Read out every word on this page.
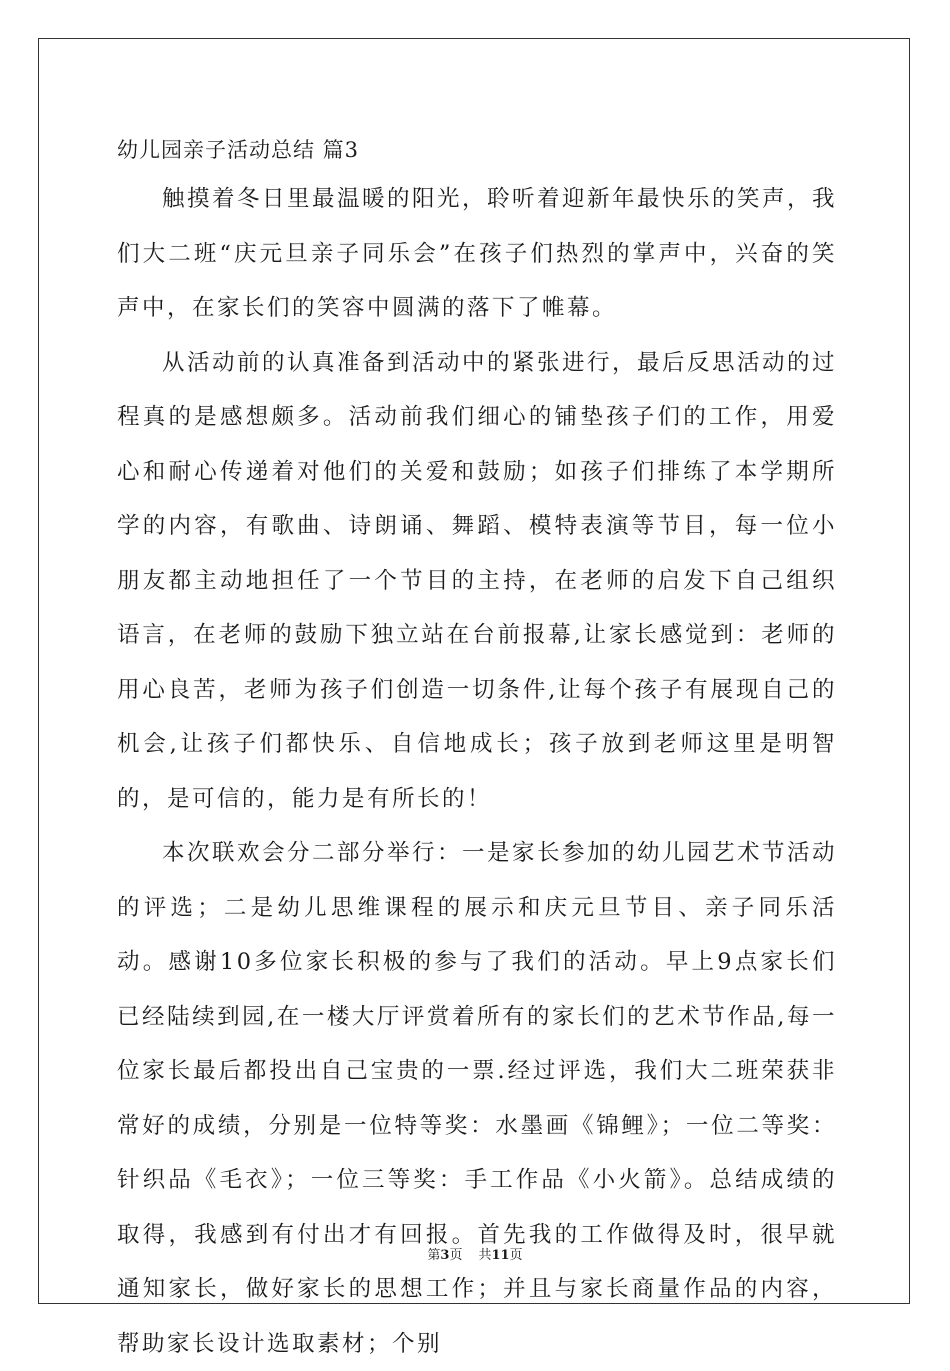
幼儿园亲子活动总结 篇3

触摸着冬日里最温暖的阳光，聆听着迎新年最快乐的笑声，我们大二班“庆元旦亲子同乐会”在孩子们热烈的掌声中，兴奋的笑声中，在家长们的笑容中圆满的落下了帷幕。

从活动前的认真准备到活动中的紧张进行，最后反思活动的过程真的是感想颇多。活动前我们细心的铺垫孩子们的工作，用爱心和耐心传递着对他们的关爱和鼓励；如孩子们排练了本学期所学的内容，有歌曲、诗朗诵、舞蹈、模特表演等节目，每一位小朋友都主动地担任了一个节目的主持，在老师的启发下自己组织语言，在老师的鼓励下独立站在台前报幕,让家长感觉到：老师的用心良苦，老师为孩子们创造一切条件,让每个孩子有展现自己的机会,让孩子们都快乐、自信地成长；孩子放到老师这里是明智的，是可信的，能力是有所长的！

本次联欢会分二部分举行：一是家长参加的幼儿园艺术节活动的评选；二是幼儿思维课程的展示和庆元旦节目、亲子同乐活动。感谢10多位家长积极的参与了我们的活动。早上9点家长们已经陆续到园,在一楼大厅评赏着所有的家长们的艺术节作品,每一位家长最后都投出自己宝贵的一票.经过评选，我们大二班荣获非常好的成绩，分别是一位特等奖：水墨画《锦鲤》；一位二等奖：针织品《毛衣》；一位三等奖：手工作品《小火箭》。总结成绩的取得，我感到有付出才有回报。首先我的工作做得及时，很早就通知家长，做好家长的思想工作；并且与家长商量作品的内容，帮助家长设计选取素材；个别

第3页 共11页
